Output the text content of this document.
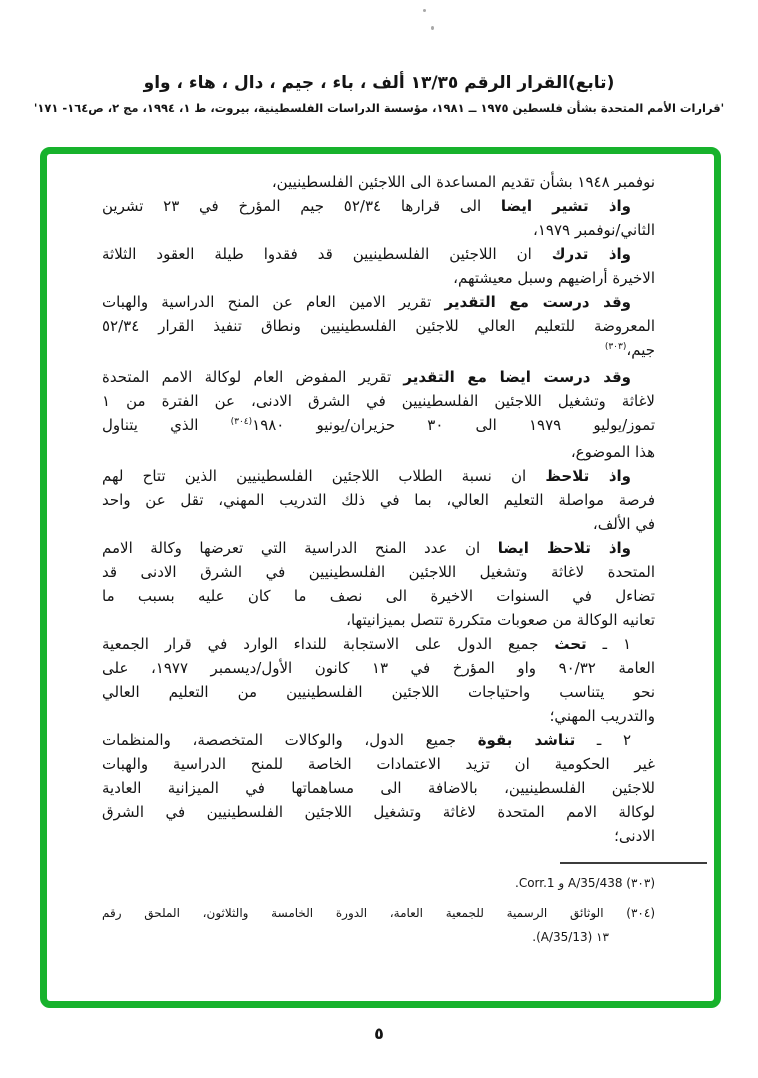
(تابع)القرار الرقم ١٣/٣٥ ألف ، باء ، جيم ، دال ، هاء ، واو
'قرارات الأمم المتحدة بشأن فلسطين ١٩٧٥ ــ ١٩٨١، مؤسسة الدراسات الفلسطينية، بيروت، ط ١، ١٩٩٤، مج ٢، ص١٦٤- ١٧١'
نوفمبر ١٩٤٨ بشأن تقديم المساعدة الى اللاجئين الفلسطينيين،
واذ تشير ايضا الى قرارها ٥٢/٣٤ جيم المؤرخ في ٢٣ تشرين
الثاني/نوفمبر ١٩٧٩،
واذ تدرك ان اللاجئين الفلسطينيين قد فقدوا طيلة العقود الثلاثة
الاخيرة أراضيهم وسبل معيشتهم،
وقد درست مع التقدير تقرير الامين العام عن المنح الدراسية والهبات
المعروضة للتعليم العالي للاجئين الفلسطينيين ونطاق تنفيذ القرار ٥٢/٣٤
جيم،$^{(٣٠٣)}$
وقد درست ايضا مع التقدير تقرير المفوض العام لوكالة الامم المتحدة
لاغاثة وتشغيل اللاجئين الفلسطينيين في الشرق الادنى، عن الفترة من ١
تموز/يوليو ١٩٧٩ الى ٣٠ حزيران/يونيو ١٩٨٠$^{(٣٠٤)}$ الذي يتناول
هذا الموضوع،
واذ تلاحظ ان نسبة الطلاب اللاجئين الفلسطينيين الذين تتاح لهم
فرصة مواصلة التعليم العالي، بما في ذلك التدريب المهني، تقل عن واحد
في الألف،
واذ تلاحظ ايضا ان عدد المنح الدراسية التي تعرضها وكالة الامم
المتحدة لاغاثة وتشغيل اللاجئين الفلسطينيين في الشرق الادنى قد
تضاءل في السنوات الاخيرة الى نصف ما كان عليه بسبب ما
تعانيه الوكالة من صعوبات متكررة تتصل بميزانيتها،
١ ـ تحث جميع الدول على الاستجابة للنداء الوارد في قرار الجمعية
العامة ٩٠/٣٢ واو المؤرخ في ١٣ كانون الأول/ديسمبر ١٩٧٧، على
نحو يتناسب واحتياجات اللاجئين الفلسطينيين من التعليم العالي
والتدريب المهني؛
٢ ـ تناشد بقوة جميع الدول، والوكالات المتخصصة، والمنظمات
غير الحكومية ان تزيد الاعتمادات الخاصة للمنح الدراسية والهبات
للاجئين الفلسطينيين، بالاضافة الى مساهماتها في الميزانية العادية
لوكالة الامم المتحدة لاغاثة وتشغيل اللاجئين الفلسطينيين في الشرق
الادنى؛
(٣٠٣) A/35/438 و Corr.1.
(٣٠٤) الوثائق الرسمية للجمعية العامة، الدورة الخامسة والثلاثون، الملحق رقم
١٣ (A/35/13).
٥
